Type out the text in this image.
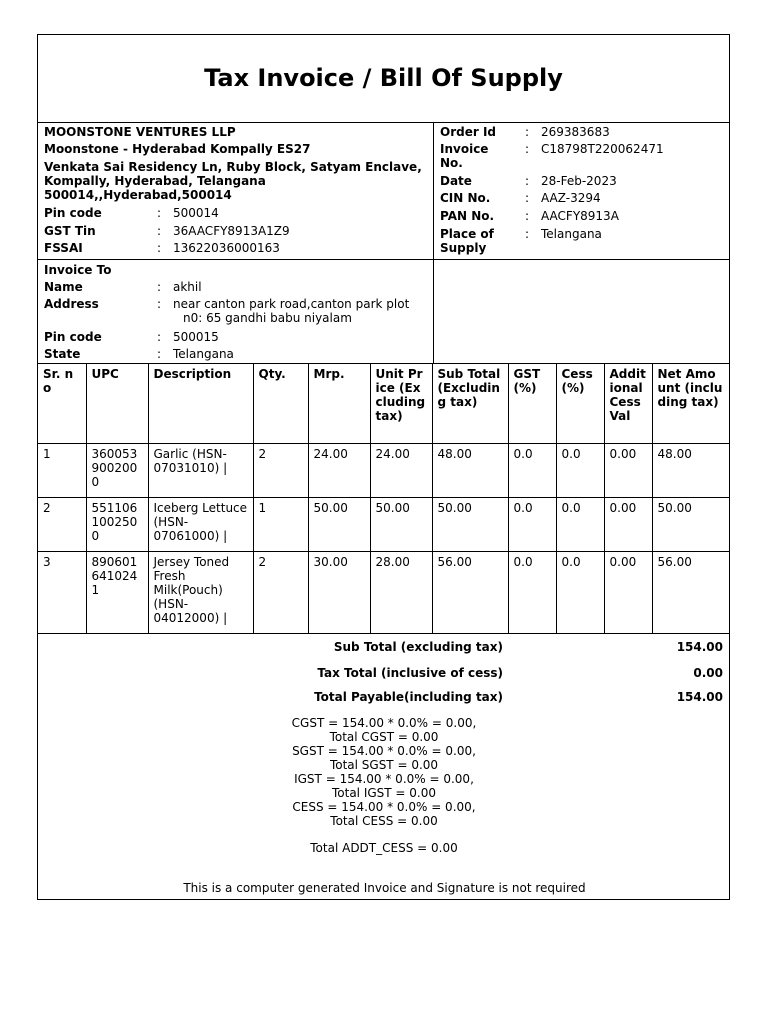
Tax Invoice / Bill Of Supply
MOONSTONE VENTURES LLP
Moonstone - Hyderabad Kompally ES27
Venkata Sai Residency Ln, Ruby Block, Satyam Enclave,
Kompally, Hyderabad, Telangana
500014,,Hyderabad,500014
Pin code	: 500014
GST Tin	: 36AACFY8913A1Z9
FSSAI	: 13622036000163
Order Id : 269383683
Invoice
No.
: C18798T220062471
Date	: 28-Feb-2023
CIN No.	: AAZ-3294
PAN No.	: AACFY8913A
Place of
Supply
: Telangana
Invoice To
Name	: akhil
Address	: near canton park road,canton park plot
n0: 65 gandhi babu niyalam
Pin code	: 500015
State	: Telangana
Sr. no	UPC	Description	Qty.	Mrp.	Unit Price (Excluding tax)	Sub Total (Excluding tax)	GST (%)	Cess (%)	Additional Cess Val	Net Amount (including tax)
1	3600539002000	Garlic (HSN-07031010) |	2	24.00	24.00	48.00	0.0	0.0	0.00	48.00
2	5511061002500	Iceberg Lettuce (HSN-07061000) |	1	50.00	50.00	50.00	0.0	0.0	0.00	50.00
3	8906016410241	Jersey Toned Fresh Milk(Pouch) (HSN-04012000) |	2	30.00	28.00	56.00	0.0	0.0	0.00	56.00
Sub Total (excluding tax)	154.00
Tax Total (inclusive of cess)	0.00
Total Payable(including tax)	154.00
CGST = 154.00 * 0.0% = 0.00,
Total CGST = 0.00
SGST = 154.00 * 0.0% = 0.00,
Total SGST = 0.00
IGST = 154.00 * 0.0% = 0.00,
Total IGST = 0.00
CESS = 154.00 * 0.0% = 0.00,
Total CESS = 0.00
Total ADDT_CESS = 0.00
This is a computer generated Invoice and Signature is not required
